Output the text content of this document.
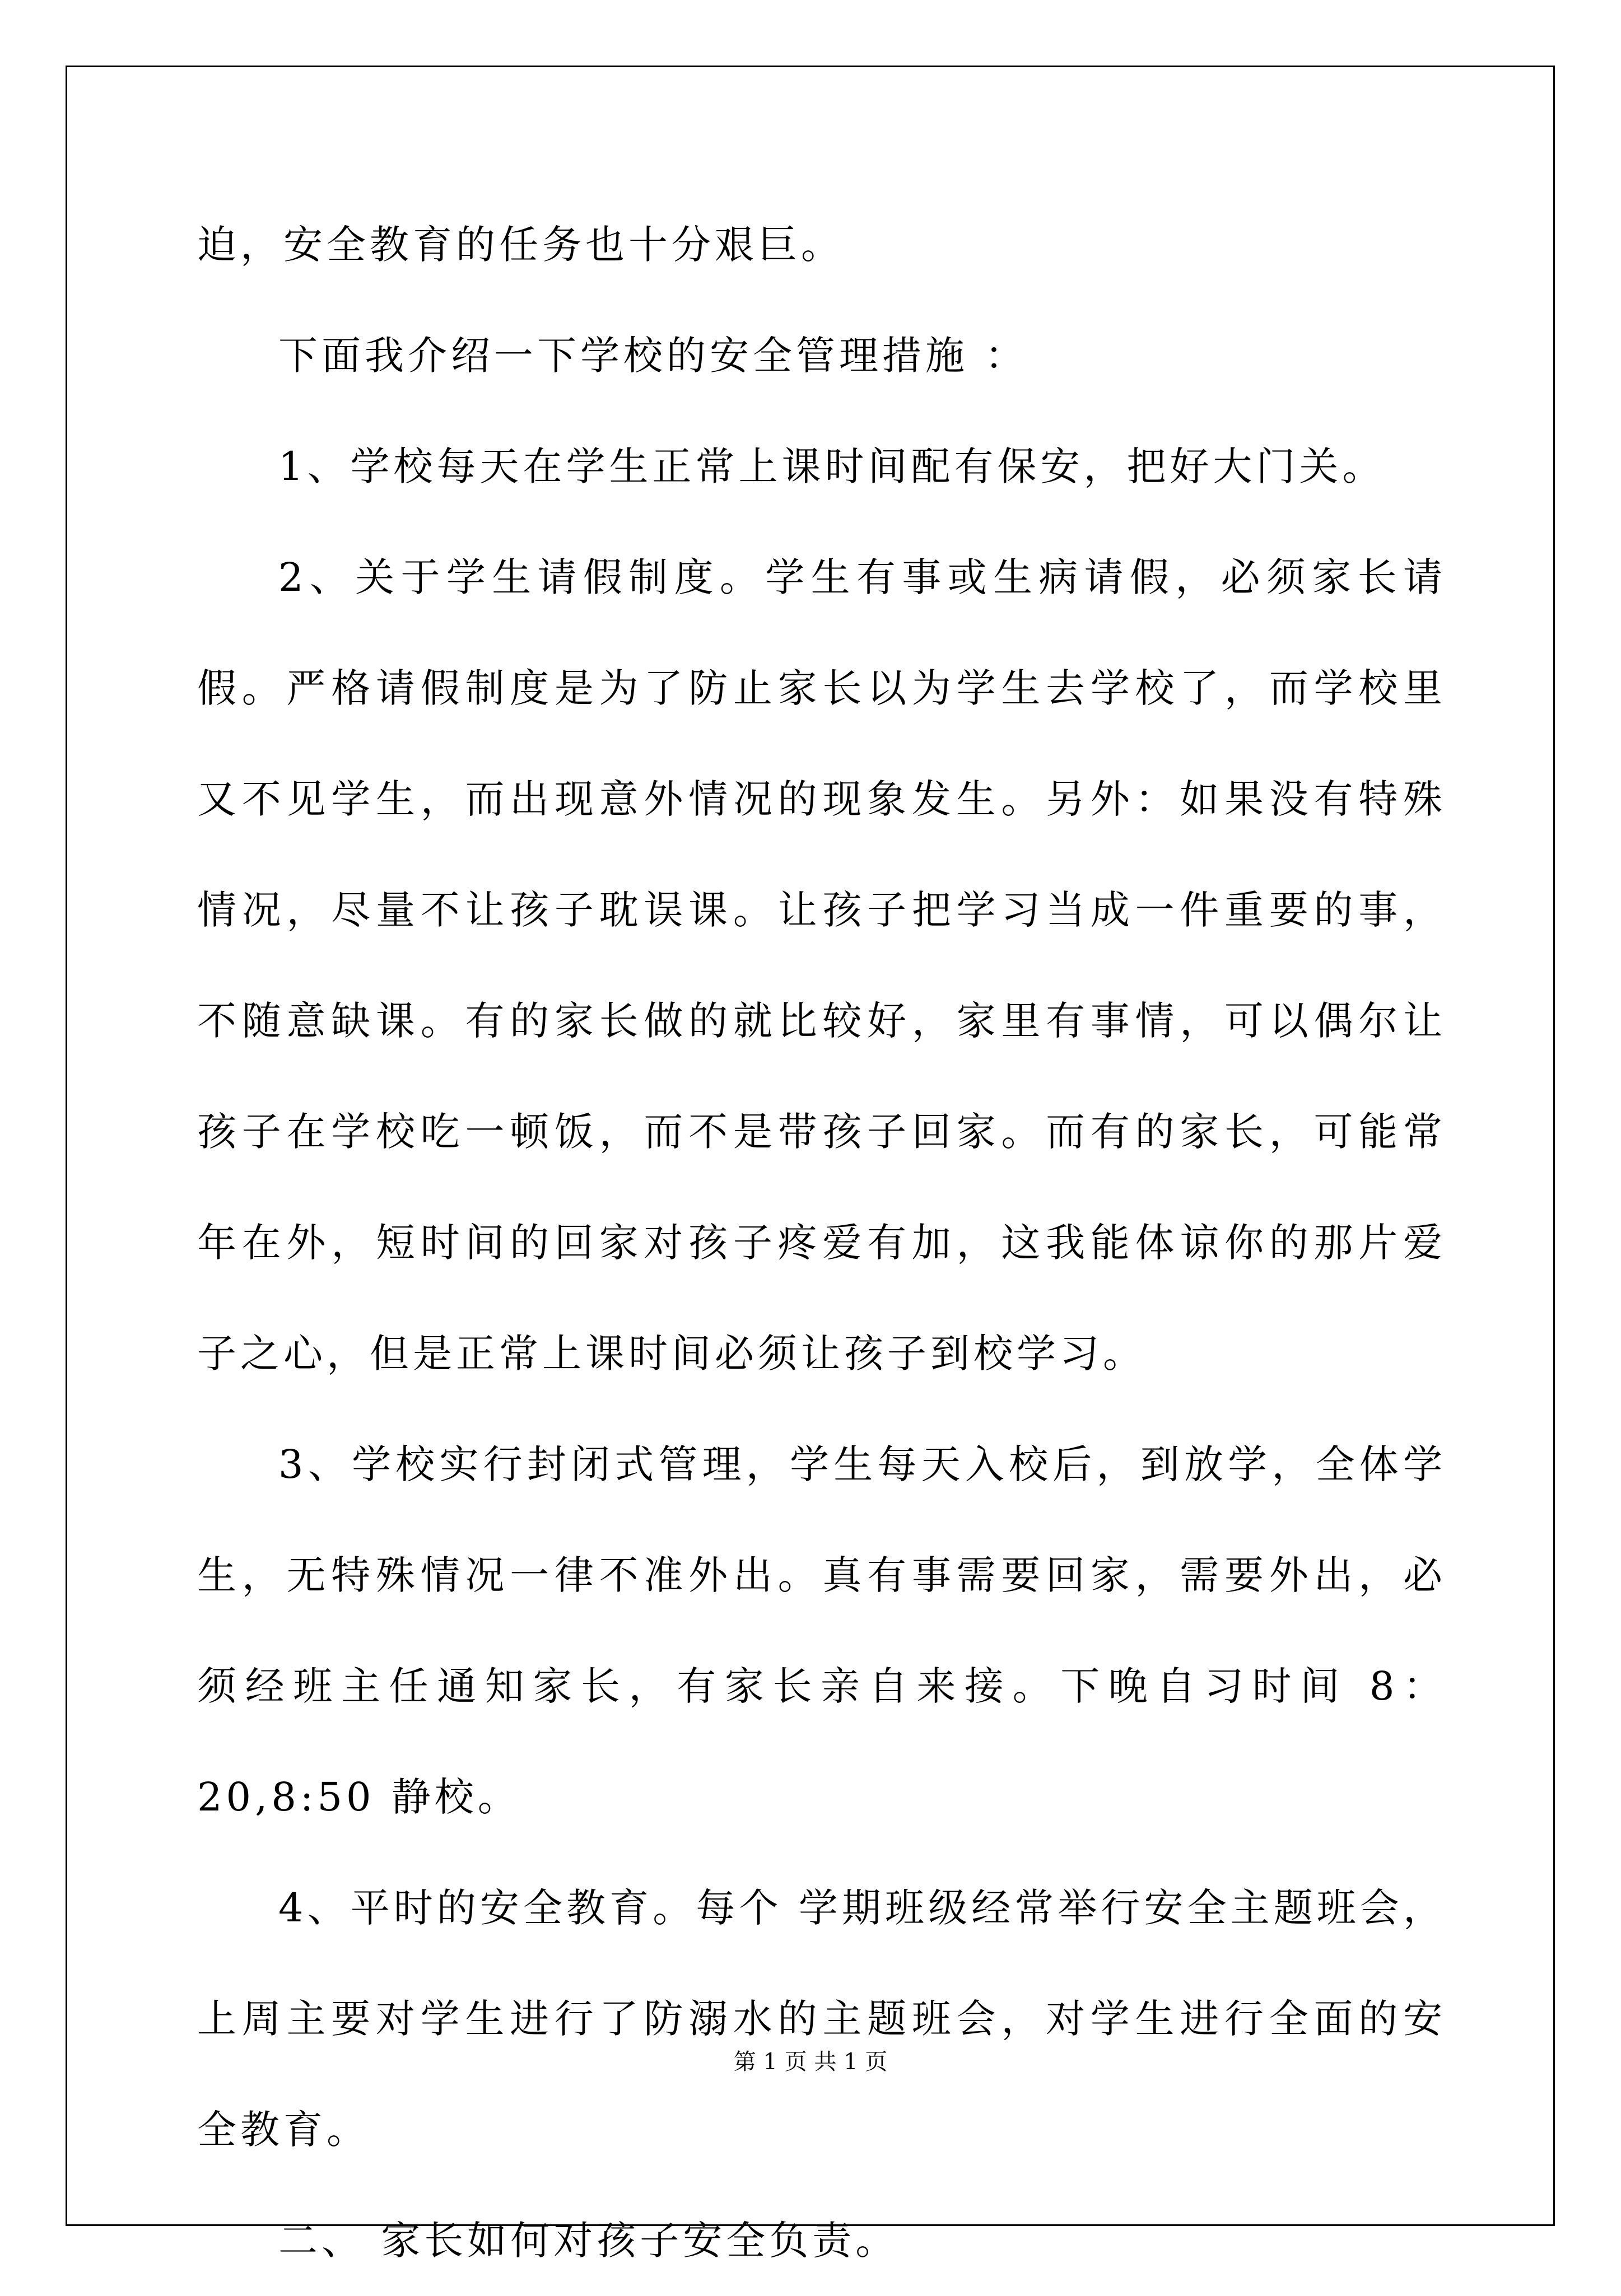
迫，安全教育的任务也十分艰巨。

下面我介绍一下学校的安全管理措施 ：

1、学校每天在学生正常上课时间配有保安，把好大门关。

2、关于学生请假制度。学生有事或生病请假，必须家长请假。严格请假制度是为了防止家长以为学生去学校了，而学校里又不见学生，而出现意外情况的现象发生。另外：如果没有特殊情况，尽量不让孩子耽误课。让孩子把学习当成一件重要的事，不随意缺课。有的家长做的就比较好，家里有事情，可以偶尔让孩子在学校吃一顿饭，而不是带孩子回家。而有的家长，可能常年在外，短时间的回家对孩子疼爱有加，这我能体谅你的那片爱子之心，但是正常上课时间必须让孩子到校学习。

3、学校实行封闭式管理，学生每天入校后，到放学，全体学生，无特殊情况一律不准外出。真有事需要回家，需要外出，必须经班主任通知家长，有家长亲自来接。下晚自习时间 8：20,8:50 静校。

4、平时的安全教育。每个 学期班级经常举行安全主题班会，上周主要对学生进行了防溺水的主题班会，对学生进行全面的安全教育。

二、 家长如何对孩子安全负责。

第 1 页 共 1 页
